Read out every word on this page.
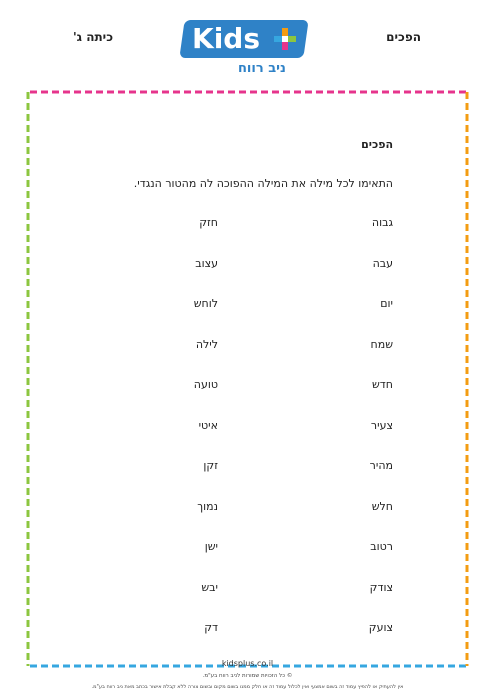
הפכים
כיתה ג'	Kids
ניב רווח
הפכים
התאימו לכל מילה את המילה ההפוכה לה מהטור הנגדי.
גבוה
עבה
יום
שמח
חדש
צעיר
מהיר
חלש
רטוב
צודק
צועק
חזק
עצוב
לוחש
לילה
טועה
איטי
זקן
נמוך
ישן
יבש
דק
kidsplus.co.il
© כל הזכויות שמורות לניב רווח בע"מ.
אין להעתיק או להפיץ עמוד זה בשום אמצעי ואין לכלול עמוד זה או חלק ממנו בשום מקום ובשום צורה ללא קבלת אישור בכתב מאת ניב רווח בע"מ.
